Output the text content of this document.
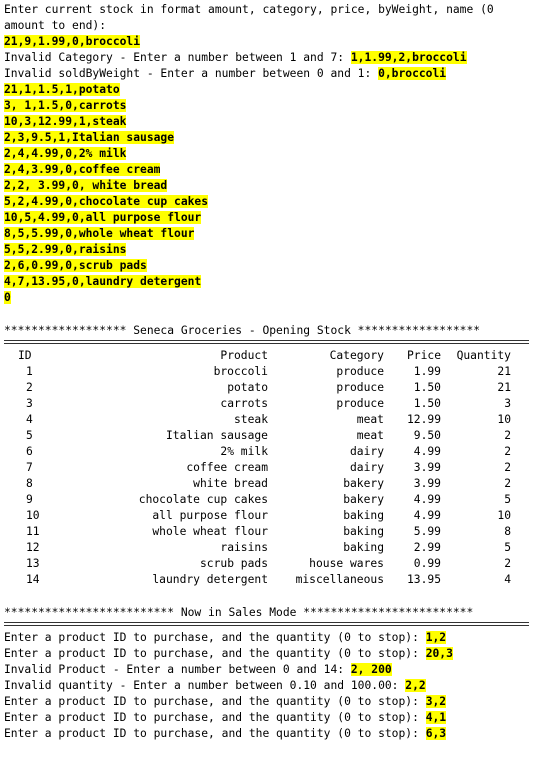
Enter current stock in format amount, category, price, byWeight, name (0
amount to end):
21,9,1.99,0,broccoli
Invalid Category - Enter a number between 1 and 7: 1,1.99,2,broccoli
Invalid soldByWeight - Enter a number between 0 and 1: 0,broccoli
21,1,1.5,1,potato
3, 1,1.5,0,carrots
10,3,12.99,1,steak
2,3,9.5,1,Italian sausage
2,4,4.99,0,2% milk
2,4,3.99,0,coffee cream
2,2, 3.99,0, white bread
5,2,4.99,0,chocolate cup cakes
10,5,4.99,0,all purpose flour
8,5,5.99,0,whole wheat flour
5,5,2.99,0,raisins
2,6,0.99,0,scrub pads
4,7,13.95,0,laundry detergent
0
****************** Seneca Groceries - Opening Stock ******************
ID	Product	Category	Price	Quantity
1	broccoli	produce	1.99	21
2	potato	produce	1.50	21
3	carrots	produce	1.50	3
4	steak	meat	12.99	10
5	Italian sausage	meat	9.50	2
6	2% milk	dairy	4.99	2
7	coffee cream	dairy	3.99	2
8	white bread	bakery	3.99	2
9	chocolate cup cakes	bakery	4.99	5
10	all purpose flour	baking	4.99	10
11	whole wheat flour	baking	5.99	8
12	raisins	baking	2.99	5
13	scrub pads	house wares	0.99	2
14	laundry detergent	miscellaneous	13.95	4
************************* Now in Sales Mode *************************
Enter a product ID to purchase, and the quantity (0 to stop): 1,2
Enter a product ID to purchase, and the quantity (0 to stop): 20,3
Invalid Product - Enter a number between 0 and 14: 2, 200
Invalid quantity - Enter a number between 0.10 and 100.00: 2,2
Enter a product ID to purchase, and the quantity (0 to stop): 3,2
Enter a product ID to purchase, and the quantity (0 to stop): 4,1
Enter a product ID to purchase, and the quantity (0 to stop): 6,3
